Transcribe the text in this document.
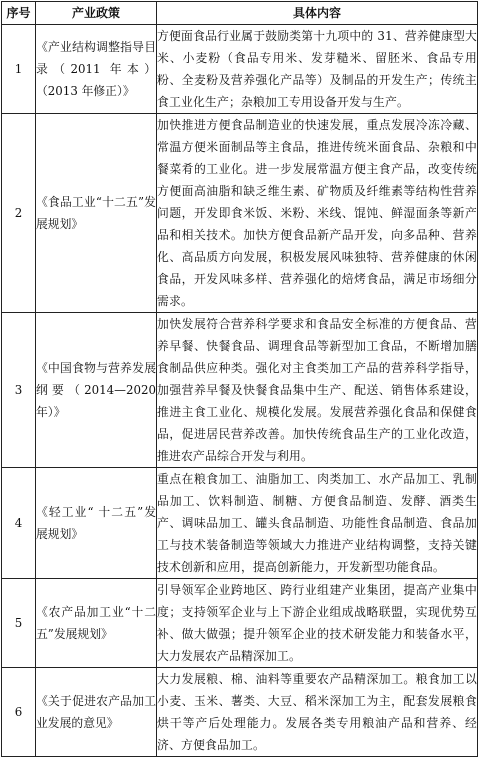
序号	产业政策	具体内容
1	《产业结构调整指导目录（2011 年本）（2013 年修正）》	方便面食品行业属于鼓励类第十九项中的 31、营养健康型大米、小麦粉（食品专用米、发芽糙米、留胚米、食品专用粉、全麦粉及营养强化产品等）及制品的开发生产；传统主食工业化生产；杂粮加工专用设备开发与生产。
2	《食品工业“十二五”发展规划》	加快推进方便食品制造业的快速发展，重点发展冷冻冷藏、常温方便米面制品等主食品，推进传统米面食品、杂粮和中餐菜肴的工业化。进一步发展常温方便主食产品，改变传统方便面高油脂和缺乏维生素、矿物质及纤维素等结构性营养问题，开发即食米饭、米粉、米线、馄饨、鲜湿面条等新产品和相关技术。加快方便食品新产品开发，向多品种、营养化、高品质方向发展，积极发展风味独特、营养健康的休闲食品，开发风味多样、营养强化的焙烤食品，满足市场细分需求。
3	《中国食物与营养发展纲要（2014—2020 年）》	加快发展符合营养科学要求和食品安全标准的方便食品、营养早餐、快餐食品、调理食品等新型加工食品，不断增加膳食制品供应种类。强化对主食类加工产品的营养科学指导，加强营养早餐及快餐食品集中生产、配送、销售体系建设，推进主食工业化、规模化发展。发展营养强化食品和保健食品，促进居民营养改善。加快传统食品生产的工业化改造，推进农产品综合开发与利用。
4	《轻工业“ 十二五”发展规划》	重点在粮食加工、油脂加工、肉类加工、水产品加工、乳制品加工、饮料制造、制糖、方便食品制造、发酵、酒类生产、调味品加工、罐头食品制造、功能性食品制造、食品加工与技术装备制造等领域大力推进产业结构调整，支持关键技术创新和应用，提高创新能力，开发新型功能食品。
5	《农产品加工业“十二五”发展规划》	引导领军企业跨地区、跨行业组建产业集团，提高产业集中度；支持领军企业与上下游企业组成战略联盟，实现优势互补、做大做强；提升领军企业的技术研发能力和装备水平，大力发展农产品精深加工。
6	《关于促进农产品加工业发展的意见》	大力发展粮、棉、油料等重要农产品精深加工。粮食加工以小麦、玉米、薯类、大豆、稻米深加工为主，配套发展粮食烘干等产后处理能力。发展各类专用粮油产品和营养、经济、方便食品加工。
